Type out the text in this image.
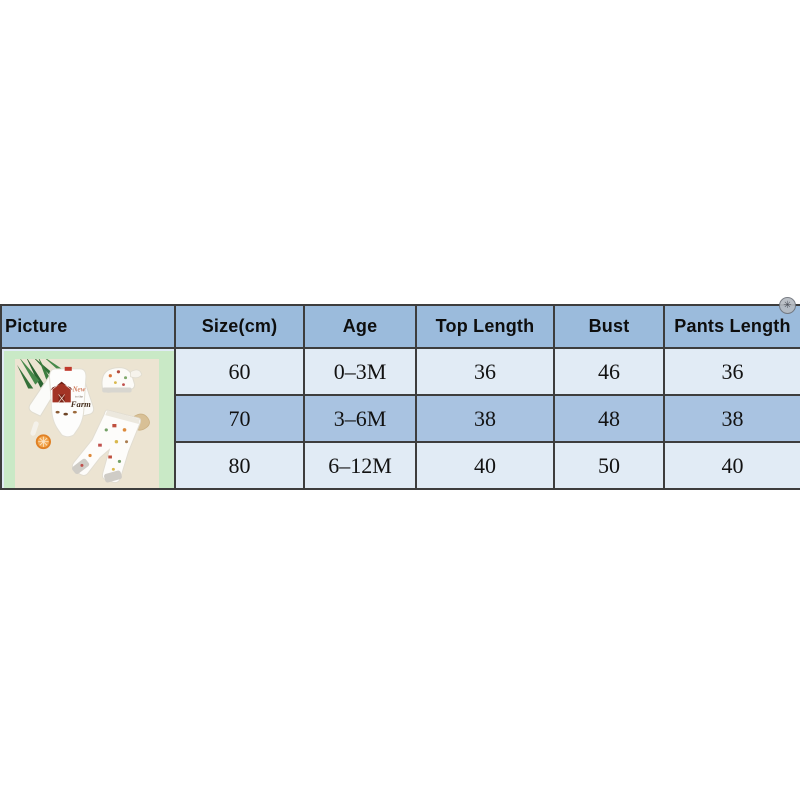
Picture	Size(cm)	Age	Top Length	Bust	Pants Length

New
to the
Farm	60	0–3M	36	46	36
	70	3–6M	38	48	38
	80	6–12M	40	50	40
✳
